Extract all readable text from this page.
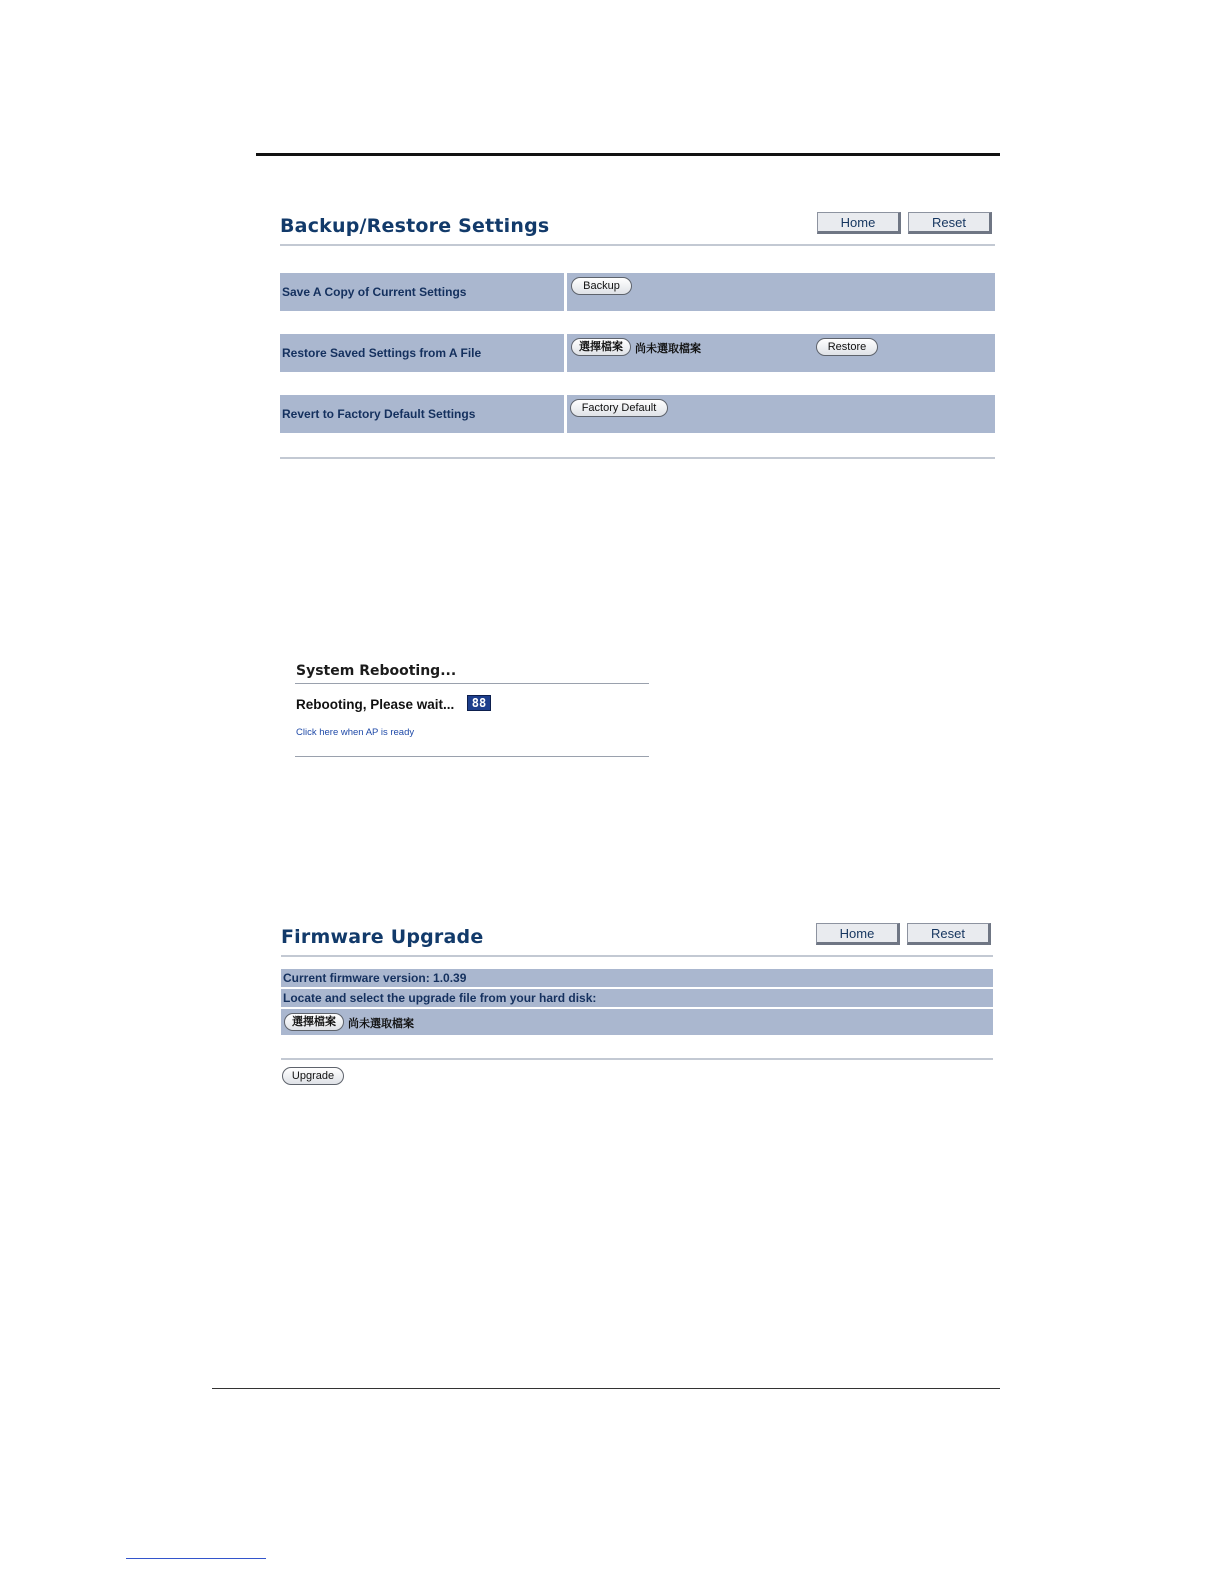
Backup/Restore Settings	Home	Reset
Save A Copy of Current Settings	Backup
Restore Saved Settings from A File	選擇檔案	尚未選取檔案	Restore
Revert to Factory Default Settings	Factory Default
System Rebooting...
Rebooting, Please wait...	88
Click here when AP is ready
Firmware Upgrade	Home	Reset
Current firmware version: 1.0.39
Locate and select the upgrade file from your hard disk:
選擇檔案	尚未選取檔案
Upgrade
